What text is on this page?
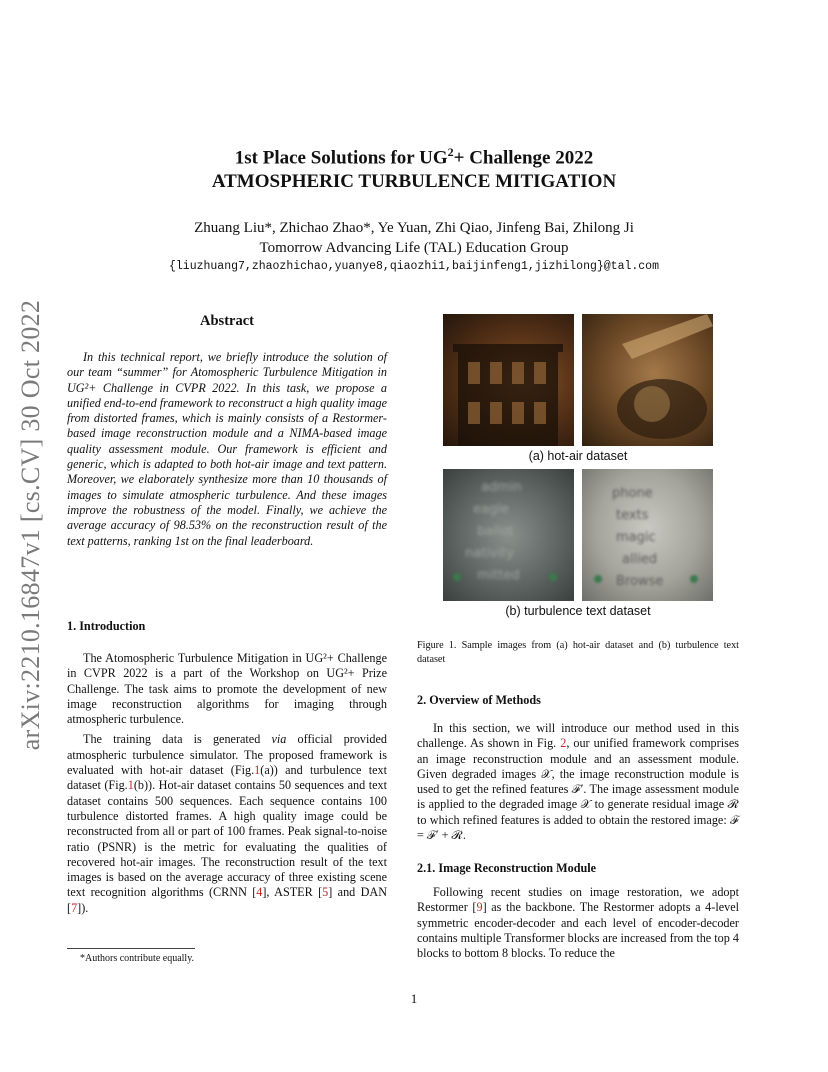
arXiv:2210.16847v1 [cs.CV] 30 Oct 2022
1st Place Solutions for $UG^2+$ Challenge 2022
ATMOSPHERIC TURBULENCE MITIGATION
Zhuang Liu*, Zhichao Zhao*, Ye Yuan, Zhi Qiao, Jinfeng Bai, Zhilong Ji
Tomorrow Advancing Life (TAL) Education Group
{liuzhuang7,zhaozhichao,yuanye8,qiaozhi1,baijinfeng1,jizhilong}@tal.com
Abstract

In this technical report, we briefly introduce the solution of our team “summer” for Atomospheric Turbulence Mitigation in UG²+ Challenge in CVPR 2022. In this task, we propose a unified end-to-end framework to reconstruct a high quality image from distorted frames, which is mainly consists of a Restormer-based image reconstruction module and a NIMA-based image quality assessment module. Our framework is efficient and generic, which is adapted to both hot-air image and text pattern. Moreover, we elaborately synthesize more than 10 thousands of images to simulate atmospheric turbulence. And these images improve the robustness of the model. Finally, we achieve the average accuracy of 98.53% on the reconstruction result of the text patterns, ranking 1st on the final leaderboard.

1. Introduction

The Atomospheric Turbulence Mitigation in UG²+ Challenge in CVPR 2022 is a part of the Workshop on UG²+ Prize Challenge. The task aims to promote the development of new image reconstruction algorithms for imaging through atmospheric turbulence.

The training data is generated via official provided atmospheric turbulence simulator. The proposed framework is evaluated with hot-air dataset (Fig.1(a)) and turbulence text dataset (Fig.1(b)). Hot-air dataset contains 50 sequences and text dataset contains 500 sequences. Each sequence contains 100 turbulence distorted frames. A high quality image could be reconstructed from all or part of 100 frames. Peak signal-to-noise ratio (PSNR) is the metric for evaluating the qualities of recovered hot-air images. The reconstruction result of the text images is based on the average accuracy of three existing scene text recognition algorithms (CRNN [4], ASTER [5] and DAN [7]).

*Authors contribute equally.
(a) hot-air dataset
admin
eagle
ballot
nativity
mitted
phone
texts
magic
allied
Browse
(b) turbulence text dataset
Figure 1. Sample images from (a) hot-air dataset and (b) turbulence text dataset
2. Overview of Methods

In this section, we will introduce our method used in this challenge. As shown in Fig. 2, our unified framework comprises an image reconstruction module and an assessment module. Given degraded images 𝒳, the image reconstruction module is used to get the refined features ℱ′. The image assessment module is applied to the degraded image 𝒳 to generate residual image ℛ to which refined features is added to obtain the restored image: ℱ = ℱ′ + ℛ.

2.1. Image Reconstruction Module

Following recent studies on image restoration, we adopt Restormer [9] as the backbone. The Restormer adopts a 4-level symmetric encoder-decoder and each level of encoder-decoder contains multiple Transformer blocks are increased from the top 4 blocks to bottom 8 blocks. To reduce the

1
